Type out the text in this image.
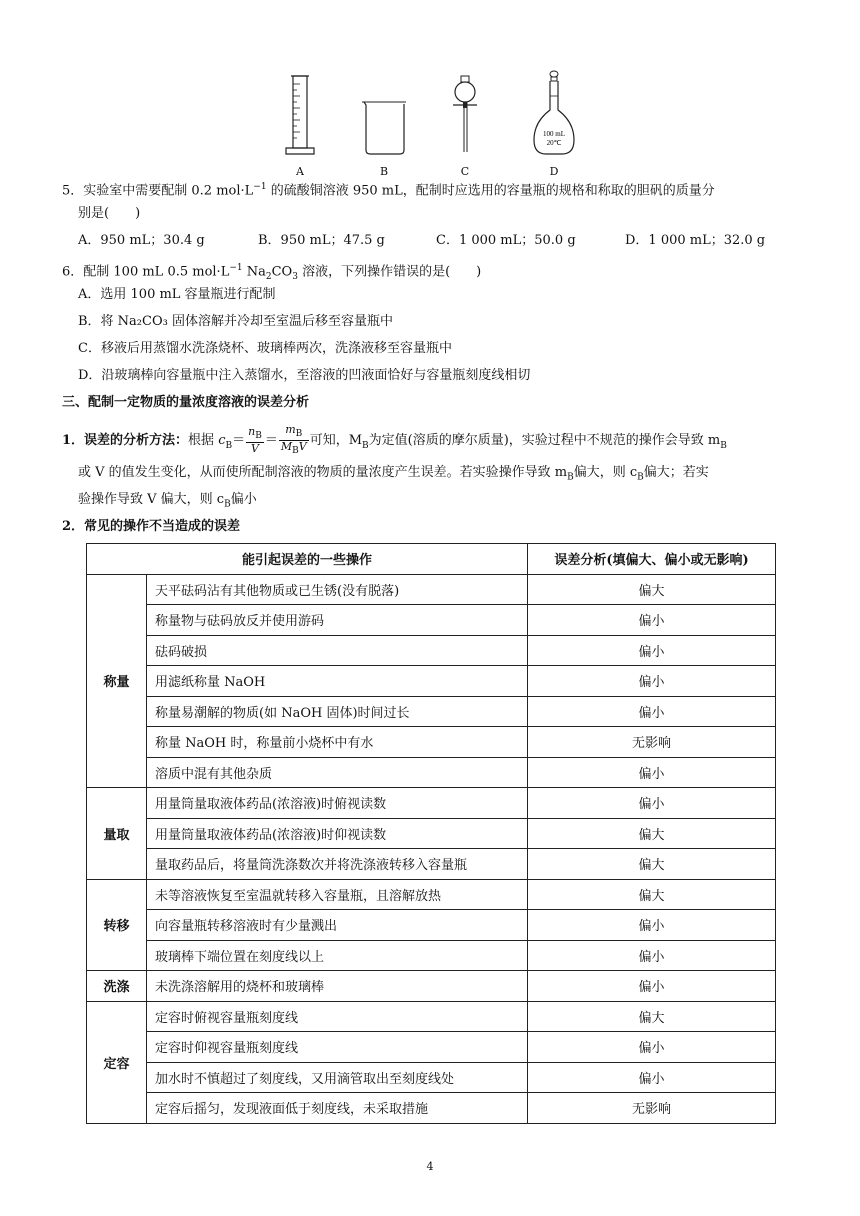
A	B	C
100 mL
20℃
D
5．实验室中需要配制 0.2 $mol\cdot L^{-1}$ 的硫酸铜溶液 950 mL，配制时应选用的容量瓶的规格和称取的胆矾的质量分
别是(　　)
A．950 mL；30.4 g	B．950 mL；47.5 g	C．1 000 mL；50.0 g	D．1 000 mL；32.0 g
6．配制 100 mL 0.5 $mol\cdot L^{-1}$ $Na_2CO_3$ 溶液，下列操作错误的是(　　)
A．选用 100 mL 容量瓶进行配制
B．将 Na₂CO₃ 固体溶解并冷却至室温后移至容量瓶中
C．移液后用蒸馏水洗涤烧杯、玻璃棒两次，洗涤液移至容量瓶中
D．沿玻璃棒向容量瓶中注入蒸馏水，至溶液的凹液面恰好与容量瓶刻度线相切
三、配制一定物质的量浓度溶液的误差分析
1．误差的分析方法：根据 $c_B= \frac{n_B}{V} = \frac{m_B}{M_BV}$ 可知，$M_B$为定值(溶质的摩尔质量)，实验过程中不规范的操作会导致 $m_B$
或 V 的值发生变化，从而使所配制溶液的物质的量浓度产生误差。若实验操作导致 $m_B$偏大，则 $c_B$偏大；若实
验操作导致 V 偏大，则 $c_B$偏小
2．常见的操作不当造成的误差
能引起误差的一些操作		误差分析(填偏大、偏小或无影响)
称量	天平砝码沾有其他物质或已生锈(没有脱落)	偏大
	称量物与砝码放反并使用游码	偏小
	砝码破损	偏小
	用滤纸称量 NaOH	偏小
	称量易潮解的物质(如 NaOH 固体)时间过长	偏小
	称量 NaOH 时，称量前小烧杯中有水	无影响
	溶质中混有其他杂质	偏小
量取	用量筒量取液体药品(浓溶液)时俯视读数	偏小
	用量筒量取液体药品(浓溶液)时仰视读数	偏大
	量取药品后，将量筒洗涤数次并将洗涤液转移入容量瓶	偏大
转移	未等溶液恢复至室温就转移入容量瓶，且溶解放热	偏大
	向容量瓶转移溶液时有少量溅出	偏小
	玻璃棒下端位置在刻度线以上	偏小
洗涤	未洗涤溶解用的烧杯和玻璃棒	偏小
定容	定容时俯视容量瓶刻度线	偏大
	定容时仰视容量瓶刻度线	偏小
	加水时不慎超过了刻度线，又用滴管取出至刻度线处	偏小
	定容后摇匀，发现液面低于刻度线，未采取措施	无影响
4
